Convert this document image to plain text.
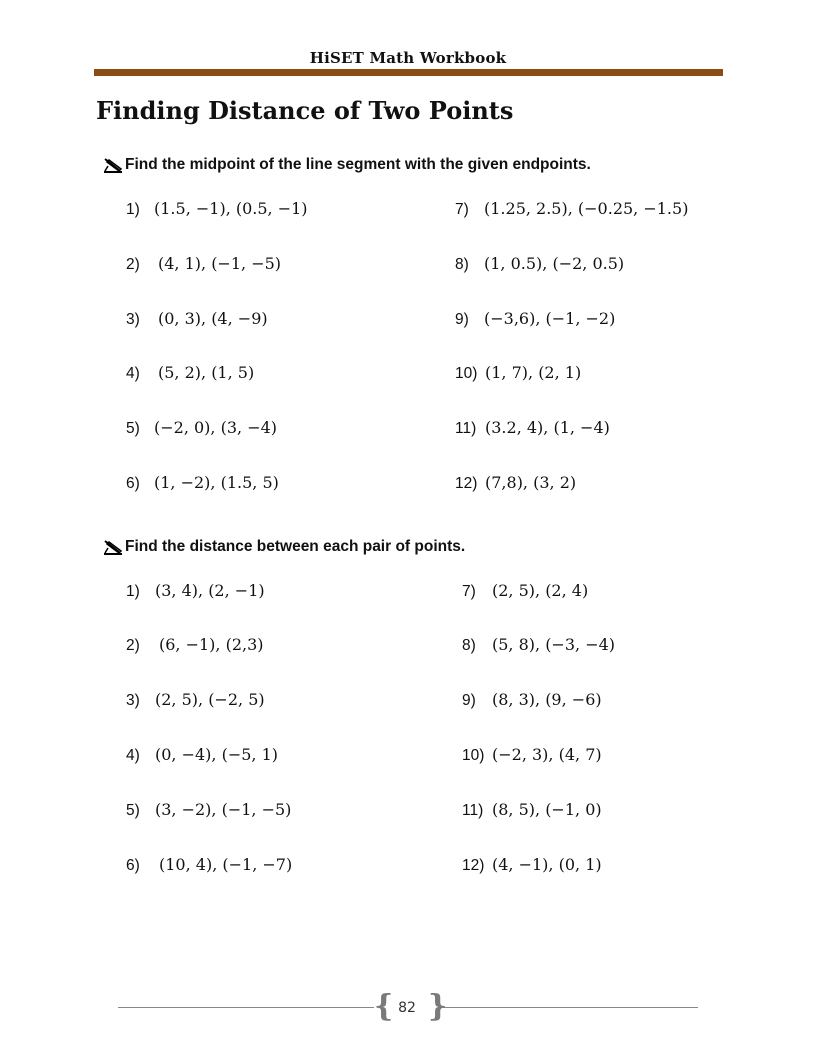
HiSET Math Workbook
Finding Distance of Two Points
Find the midpoint of the line segment with the given endpoints.
1) (1.5, −1), (0.5, −1)
2)	(4, 1), (−1, −5)
3)	(0, 3), (4, −9)
4)	(5, 2), (1, 5)
5) (−2, 0), (3, −4)
6) (1, −2), (1.5, 5)
7) (1.25, 2.5), (−0.25, −1.5)
8) (1, 0.5), (−2, 0.5)
9) (−3,6), (−1, −2)
10) (1, 7), (2, 1)
11) (3.2, 4), (1, −4)
12) (7,8), (3, 2)
Find the distance between each pair of points.
1) (3, 4), (2, −1)
2)	(6, −1), (2,3)
3) (2, 5), (−2, 5)
4) (0, −4), (−5, 1)
5) (3, −2), (−1, −5)
6)	(10, 4), (−1, −7)
7)	(2, 5), (2, 4)
8)	(5, 8), (−3, −4)
9)	(8, 3), (9, −6)
10) (−2, 3), (4, 7)
11) (8, 5), (−1, 0)
12) (4, −1), (0, 1)
{ }
82
